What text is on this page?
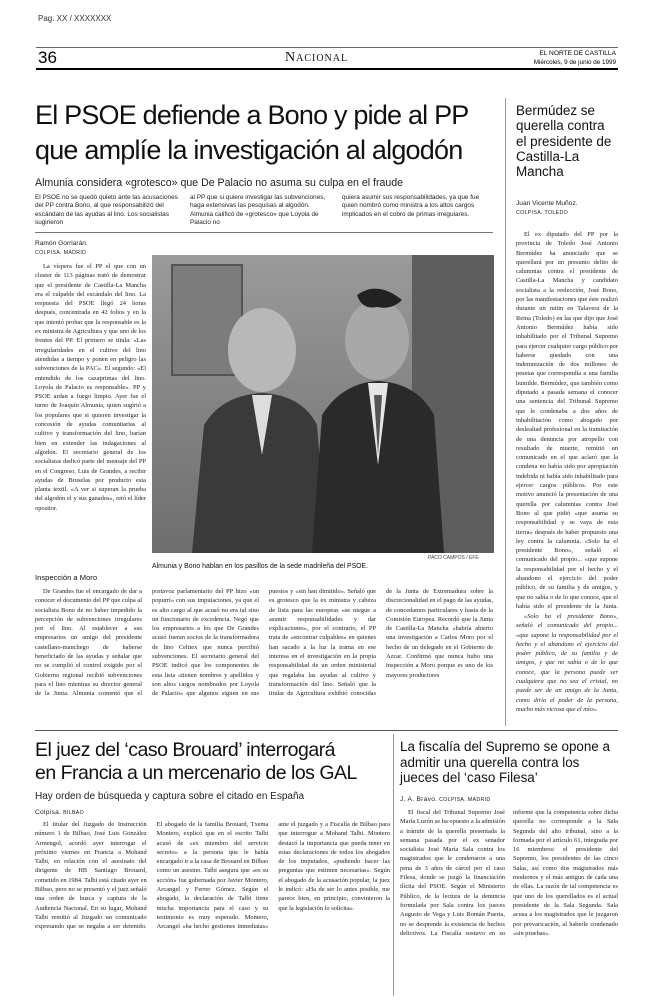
Pag. XX / XXXXXXX
36	Nacional	EL NORTE DE CASTILLA
Miércoles, 9 de junio de 1999
El PSOE defiende a Bono y pide al PP
que amplíe la investigación al algodón
Almunia considera «grotesco» que De Palacio no asuma su culpa en el fraude
El PSOE no se quedó quieto ante las acusaciones del PP contra Bono, al que responsabilizó del escándalo de las ayudas al lino. Los socialistas sugirieron
al PP que si quiere investigar las subvenciones, haga extensivas las pesquisas al algodón. Almunia calificó de «grotesco» que Loyola de Palacio no
quiera asumir sus responsabilidades, ya que fue quien nombró como ministra a los altos cargos implicados en el cobro de primas irregulares.
Ramón Gorriarán.
COLPISA. MADRID

La víspera fue el PP el que con un cluster de 113 páginas trató de demostrar que el presidente de Castilla-La Mancha era el culpable del escándalo del lino. La respuesta del PSOE llegó 24 horas después, concentrada en 42 folios y en la que intentó probar que la responsable es la ex ministra de Agricultura y que uno de los frentes del PP. El primero se titula: «Las irregularidades en el cultivo del lino atendidas a tiempo y ponen en peligro las subvenciones de la PAC». El segundo: «El entendido de los cazaprimas del lino. Loyola de Palacio es responsable». PP y PSOE ardan a fuego limpio. Ayer fue el turno de Joaquín Almunia, quien sugirió a los populares que si quieren investigar la concesión de ayudas comunitarias al cultivo y transformación del lino, harían bien en extender las indagaciones al algodón. El secretario general de los socialistas dedicó parte del mensaje del PP en el Congreso, Luis de Grandes, a recibir ayudas de Bruselas por producto esta planta textil. «A ver si superan la prueba del algodón el y sus ganados», retó el líder opositor.

PACO CAMPOS / EFE
Almunia y Bono hablan en los pasillos de la sede madrileña del PSOE.
Inspección a Moro

De Grandes fue el encargado de dar a conocer el documento del PP que culpa al socialista Bono de no haber impedido la percepción de subvenciones irregulares por el lino. Al establecer a sus empresarios un amigo del presidente castellano-manchego de haberse beneficiado de las ayudas y señalar que no se cumplió el control exigido por el Gobierno regional recibió subvenciones para el lino mientras su director general de la Junta. Almunia comentó que el portavoz parlamentario del PP hizo «un popurrí» con sus imputaciones, ya que el es alto cargo al que acusó no era tal sino un funcionario de excedencia. Negó que los empresarios a los que De Grandes acusó fueran socios de la transformadora de lino Celtiex que nunca percibió subvenciones. El secretario general del PSOE indicó que los componentes de esta lista «tienen nombres y apellidos y son altos cargos nombrados por Loyola de Palacio» que algunos siguen en sus puestos y «sin han dimitido». Señaló que es grotesco que la ex ministra y cabeza de lista para las europeas «se niegue a asumir responsabilidades y dar explicaciones», por el contrario, el PP trata de «encontrar culpables» en quienes han sacado a la luz la trama en ese interesa en el investigación en la propia responsabilidad de un orden ministerial que regalaba las ayudas al cultivo y transformación del lino. Señaló que la titular de Agricultura exhibió conocidas de la Junta de Extremadura sobre la discrecionalidad en el pago de las ayudas, de concedamos particulares y hasta de la Comisión Europea. Recordó que la Junta de Castilla-La Mancha «habría abierto una investigación a Carlos Moro por el hecho de un delegado en el Gobierno de Azcar. Confirmó que nunca hubo una inspección a Moro porque es uno de los mayores productores

Bermúdez se querella contra el presidente de Castilla-La Mancha
Juan Vicente Muñoz.
COLPISA. TOLEDO

El ex diputado del PP por la provincia de Toledo José Antonio Bermúdez ha anunciado que se querellará por un presunto delito de calumnias contra el presidente de Castilla-La Mancha y candidato socialista a la reelección, José Bono, por las manifestaciones que éste realizó durante un mitin en Talavera de la Reina (Toledo) en las que dijo que José Antonio Bermúdez había sido inhabilitado por el Tribunal Supremo para ejercer cualquier cargo público por haberse quedado con una indemnización de dos millones de pesetas que correspondía a una familia humilde. Bermúdez, que también como diputado a pasada semana el conocer una sentencia del Tribunal Supremo que le condenaba a dos años de inhabilitación como abogado por deslealtad profesional en la tramitación de una denuncia por atropello con resultado de muerte, remitió un comunicado en el que aclaró que la condena no había sido por apropiación indebida ni había sido inhabilitado para ejercer cargos públicos. Por este motivo anunció la presentación de una querella por calumnias contra José Bono al que pidió «que asuma su responsabilidad y se vaya de esta tierra» después de haber propuesto una ley contra la calumnia. «Solo ha el presidente Bono», señaló el comunicado del propio... «que supone la responsabilidad por el hecho y el abandono el ejercicio del poder público, de su familia y de amigos, y que no sabía o de lo que conoce, que el había sido el presidente de la Junta.

«Solo ha el presidente Bono», señaló el comunicado del propio... «que supone la responsabilidad por el hecho y el abandono el ejercicio del poder público, de su familia y de amigos, y que no sabía o de lo que conoce, que la persona puede ser cualquiera que no sea el cristal, no puede ser de un amigo de la Junta, como diría el poder de la persona, mucho más viciosa que el mío».

El juez del ‘caso Brouard’ interrogará
en Francia a un mercenario de los GAL
Hay orden de búsqueda y captura sobre el citado en España
Colpisa. BILBAO

El titular del Juzgado de Instrucción número 1 de Bilbao, José Luis González Armengol, acordó ayer interrogar el próximo viernes en Francia a Mohand Talbi, en relación con el asesinato del dirigente de HB Santiago Brouard, cometido en 1984. Talbi está citado ayer en Bilbao, pero no se presentó y el juez señaló una orden de busca y captura de la Audiencia Nacional. En su lugar, Mohand Talbi remitió al Juzgado un comunicado expresando que se negaba a ser detenido. El abogado de la familia Brouard, Txema Montero, explicó que en el escrito Talbi acusó de «ex miembro del servicio secreto» a la persona que le había encargado ir a la casa de Brouard en Bilbao como un asesino. Talbi asegura que «es su acción» fue gobernada por Javier Montero, Arcangel y Ferrer Gómez. Según el abogado, la declaración de Talbi tiene mucha importancia para el caso y su testimonio es muy esperado. Montero, Arcangel «ha hecho gestiones inmediatas» ante el juzgado y a Fiscalía de Bilbao para que interrogue a Mohand Talbi. Montero destacó la importancia que pueda tener en estas declaraciones de todos los abogados de los imputados, «pudiendo hacer las preguntas que estimen necesarias». Según el abogado de la acusación popular, la juez le indicó: «Ha de ser lo antes posible, me parece bien, en principio, convinieron la que la legislación lo solicita».

La fiscalía del Supremo se opone a admitir una querella contra los jueces del ‘caso Filesa’
J. A. Bravo. COLPISA. MADRID

El fiscal del Tribunal Supremo José María Luzón se ha opuesto a la admisión a trámite de la querella presentada la semana pasada por el ex senador socialista José María Sala contra los magistrados que le condenaron a una pena de 3 años de cárcel por el caso Filesa, donde se juzgó la financiación ilícita del PSOE. Según el Ministerio Público, de la lectura de la denuncia formulada por Sala contra los jueces Augusto de Vega y Luis Román Puerta, no se desprende la existencia de hechos delictivos. La Fiscalía sostuvo en su informe que la competencia sobre dicha querella no corresponde a la Sala Segunda del alto tribunal, sino a la formada por el artículo 61, integrada por 16 miembros: el presidente del Supremo, los presidentes de las cinco Salas, así como dos magistrados más modernos y el más antiguo de cada una de ellas. La razón de tal competencia es que uno de los querellados es el actual presidente de la Sala Segunda. Sala acusa a los magistrados que le juzgaron por prevaricación, al haberle condenado «sin pruebas».
